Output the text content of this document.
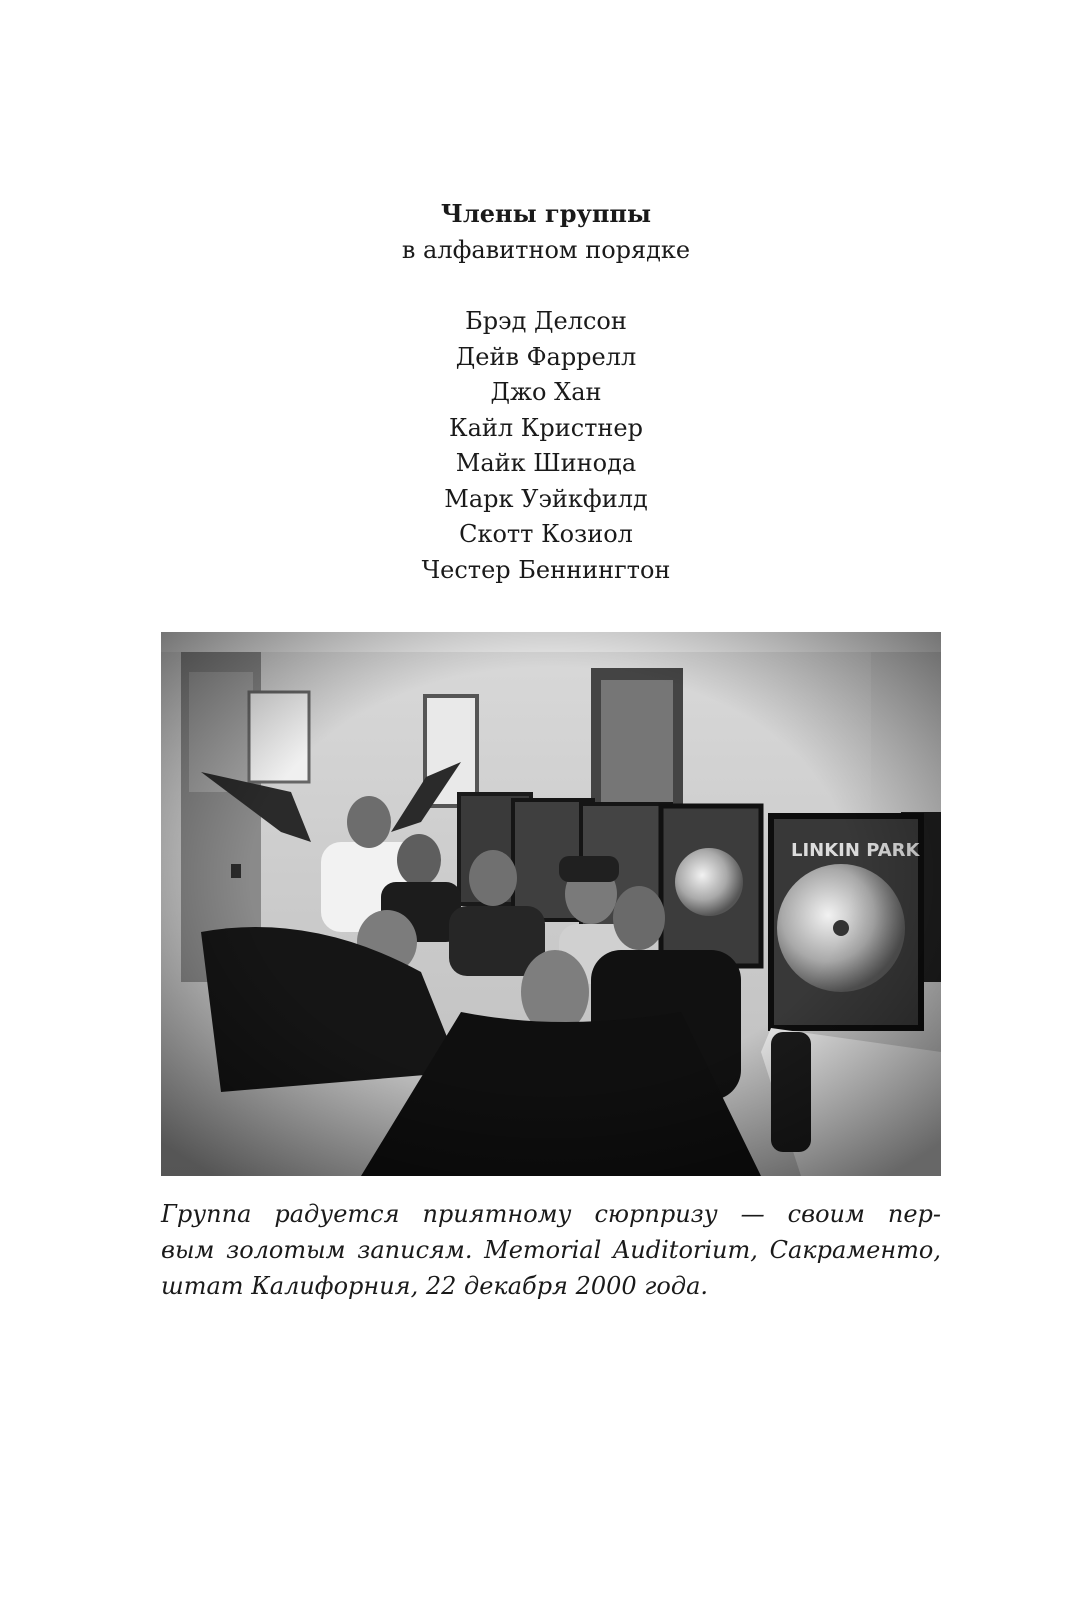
Члены группы
в алфавитном порядке
Брэд Делсон
Дейв Фаррелл
Джо Хан
Кайл Кристнер
Майк Шинода
Марк Уэйкфилд
Скотт Козиол
Честер Беннингтон
Группа радуется приятному сюрпризу — своим пер-
вым золотым записям. Memorial Auditorium, Сакраменто,
штат Калифорния, 22 декабря 2000 года.
